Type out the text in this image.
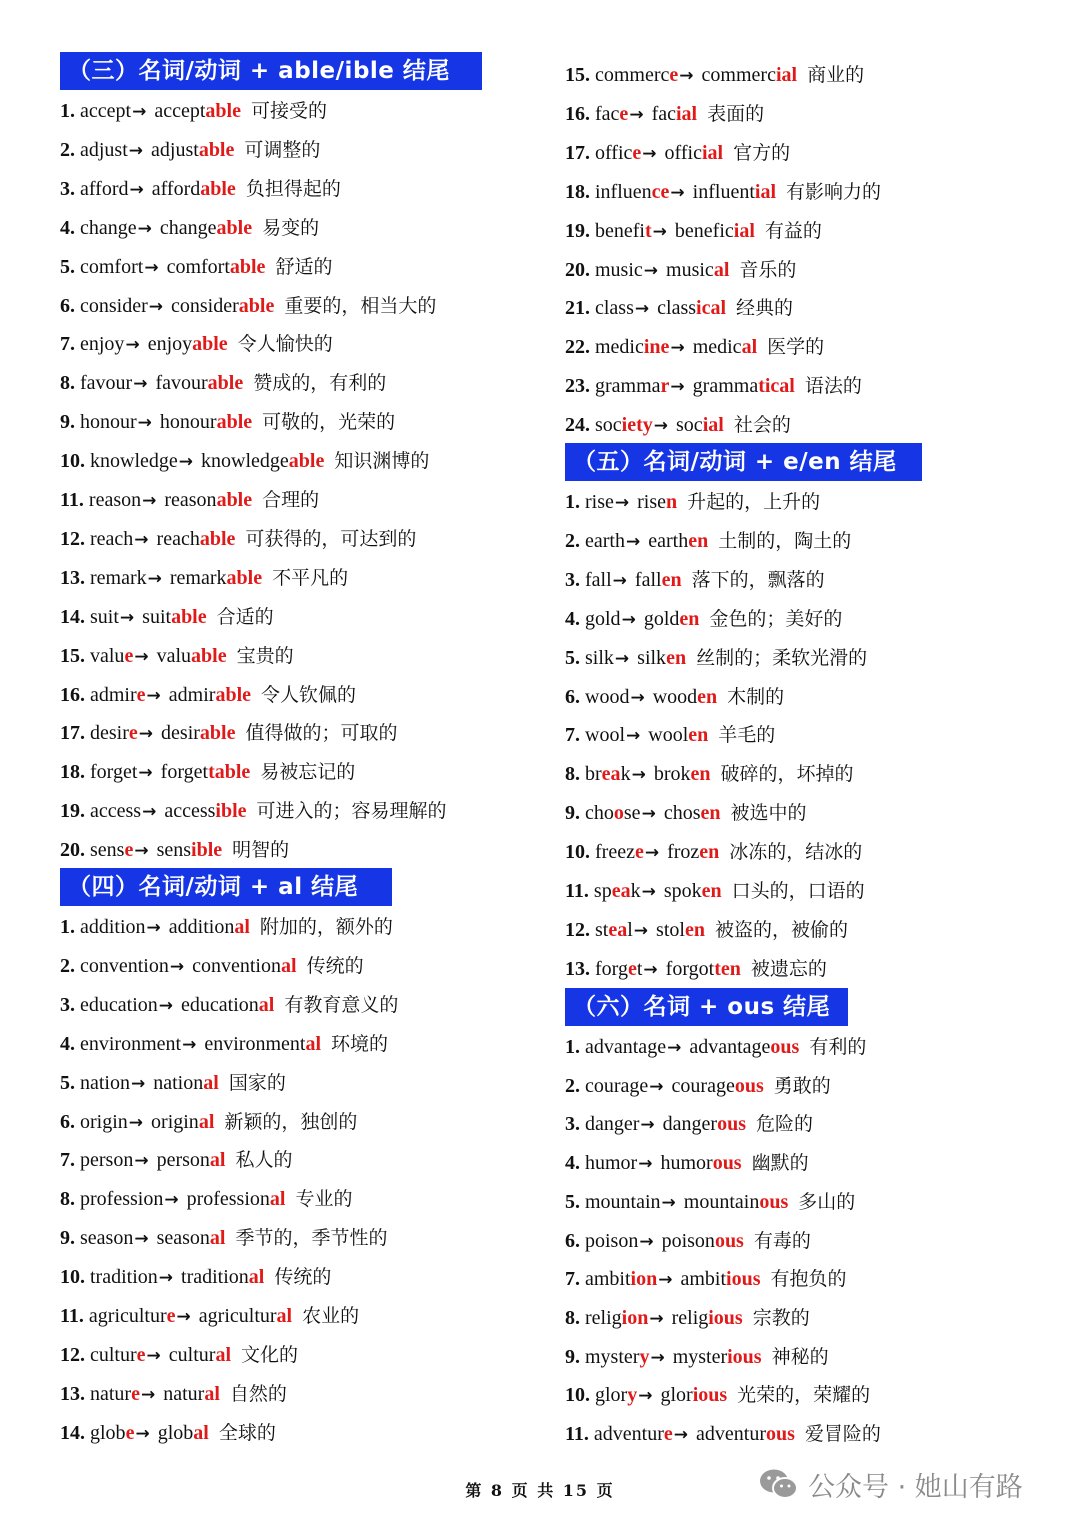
（三）名词/动词 + able/ible 结尾
1. accept→ acceptable 可接受的
2. adjust→ adjustable 可调整的
3. afford→ affordable 负担得起的
4. change→ changeable 易变的
5. comfort→ comfortable 舒适的
6. consider→ considerable 重要的，相当大的
7. enjoy→ enjoyable 令人愉快的
8. favour→ favourable 赞成的，有利的
9. honour→ honourable 可敬的，光荣的
10. knowledge→ knowledgeable 知识渊博的
11. reason→ reasonable 合理的
12. reach→ reachable 可获得的，可达到的
13. remark→ remarkable 不平凡的
14. suit→ suitable 合适的
15. value→ valuable 宝贵的
16. admire→ admirable 令人钦佩的
17. desire→ desirable 值得做的；可取的
18. forget→ forgettable 易被忘记的
19. access→ accessible 可进入的；容易理解的
20. sense→ sensible 明智的
（四）名词/动词 + al 结尾
1. addition→ additional 附加的，额外的
2. convention→ conventional 传统的
3. education→ educational 有教育意义的
4. environment→ environmental 环境的
5. nation→ national 国家的
6. origin→ original 新颖的，独创的
7. person→ personal 私人的
8. profession→ professional 专业的
9. season→ seasonal 季节的，季节性的
10. tradition→ traditional 传统的
11. agriculture→ agricultural 农业的
12. culture→ cultural 文化的
13. nature→ natural 自然的
14. globe→ global 全球的
15. commerce→ commercial 商业的
16. face→ facial 表面的
17. office→ official 官方的
18. influence→ influential 有影响力的
19. benefit→ beneficial 有益的
20. music→ musical 音乐的
21. class→ classical 经典的
22. medicine→ medical 医学的
23. grammar→ grammatical 语法的
24. society→ social 社会的
（五）名词/动词 + e/en 结尾
1. rise→ risen 升起的，上升的
2. earth→ earthen 土制的，陶土的
3. fall→ fallen 落下的，飘落的
4. gold→ golden 金色的；美好的
5. silk→ silken 丝制的；柔软光滑的
6. wood→ wooden 木制的
7. wool→ woolen 羊毛的
8. break→ broken 破碎的，坏掉的
9. choose→ chosen 被选中的
10. freeze→ frozen 冰冻的，结冰的
11. speak→ spoken 口头的，口语的
12. steal→ stolen 被盗的，被偷的
13. forget→ forgotten 被遗忘的
（六）名词 + ous 结尾
1. advantage→ advantageous 有利的
2. courage→ courageous 勇敢的
3. danger→ dangerous 危险的
4. humor→ humorous 幽默的
5. mountain→ mountainous 多山的
6. poison→ poisonous 有毒的
7. ambition→ ambitious 有抱负的
8. religion→ religious 宗教的
9. mystery→ mysterious 神秘的
10. glory→ glorious 光荣的，荣耀的
11. adventure→ adventurous 爱冒险的
第 8 页 共 15 页	公众号 · 她山有路
